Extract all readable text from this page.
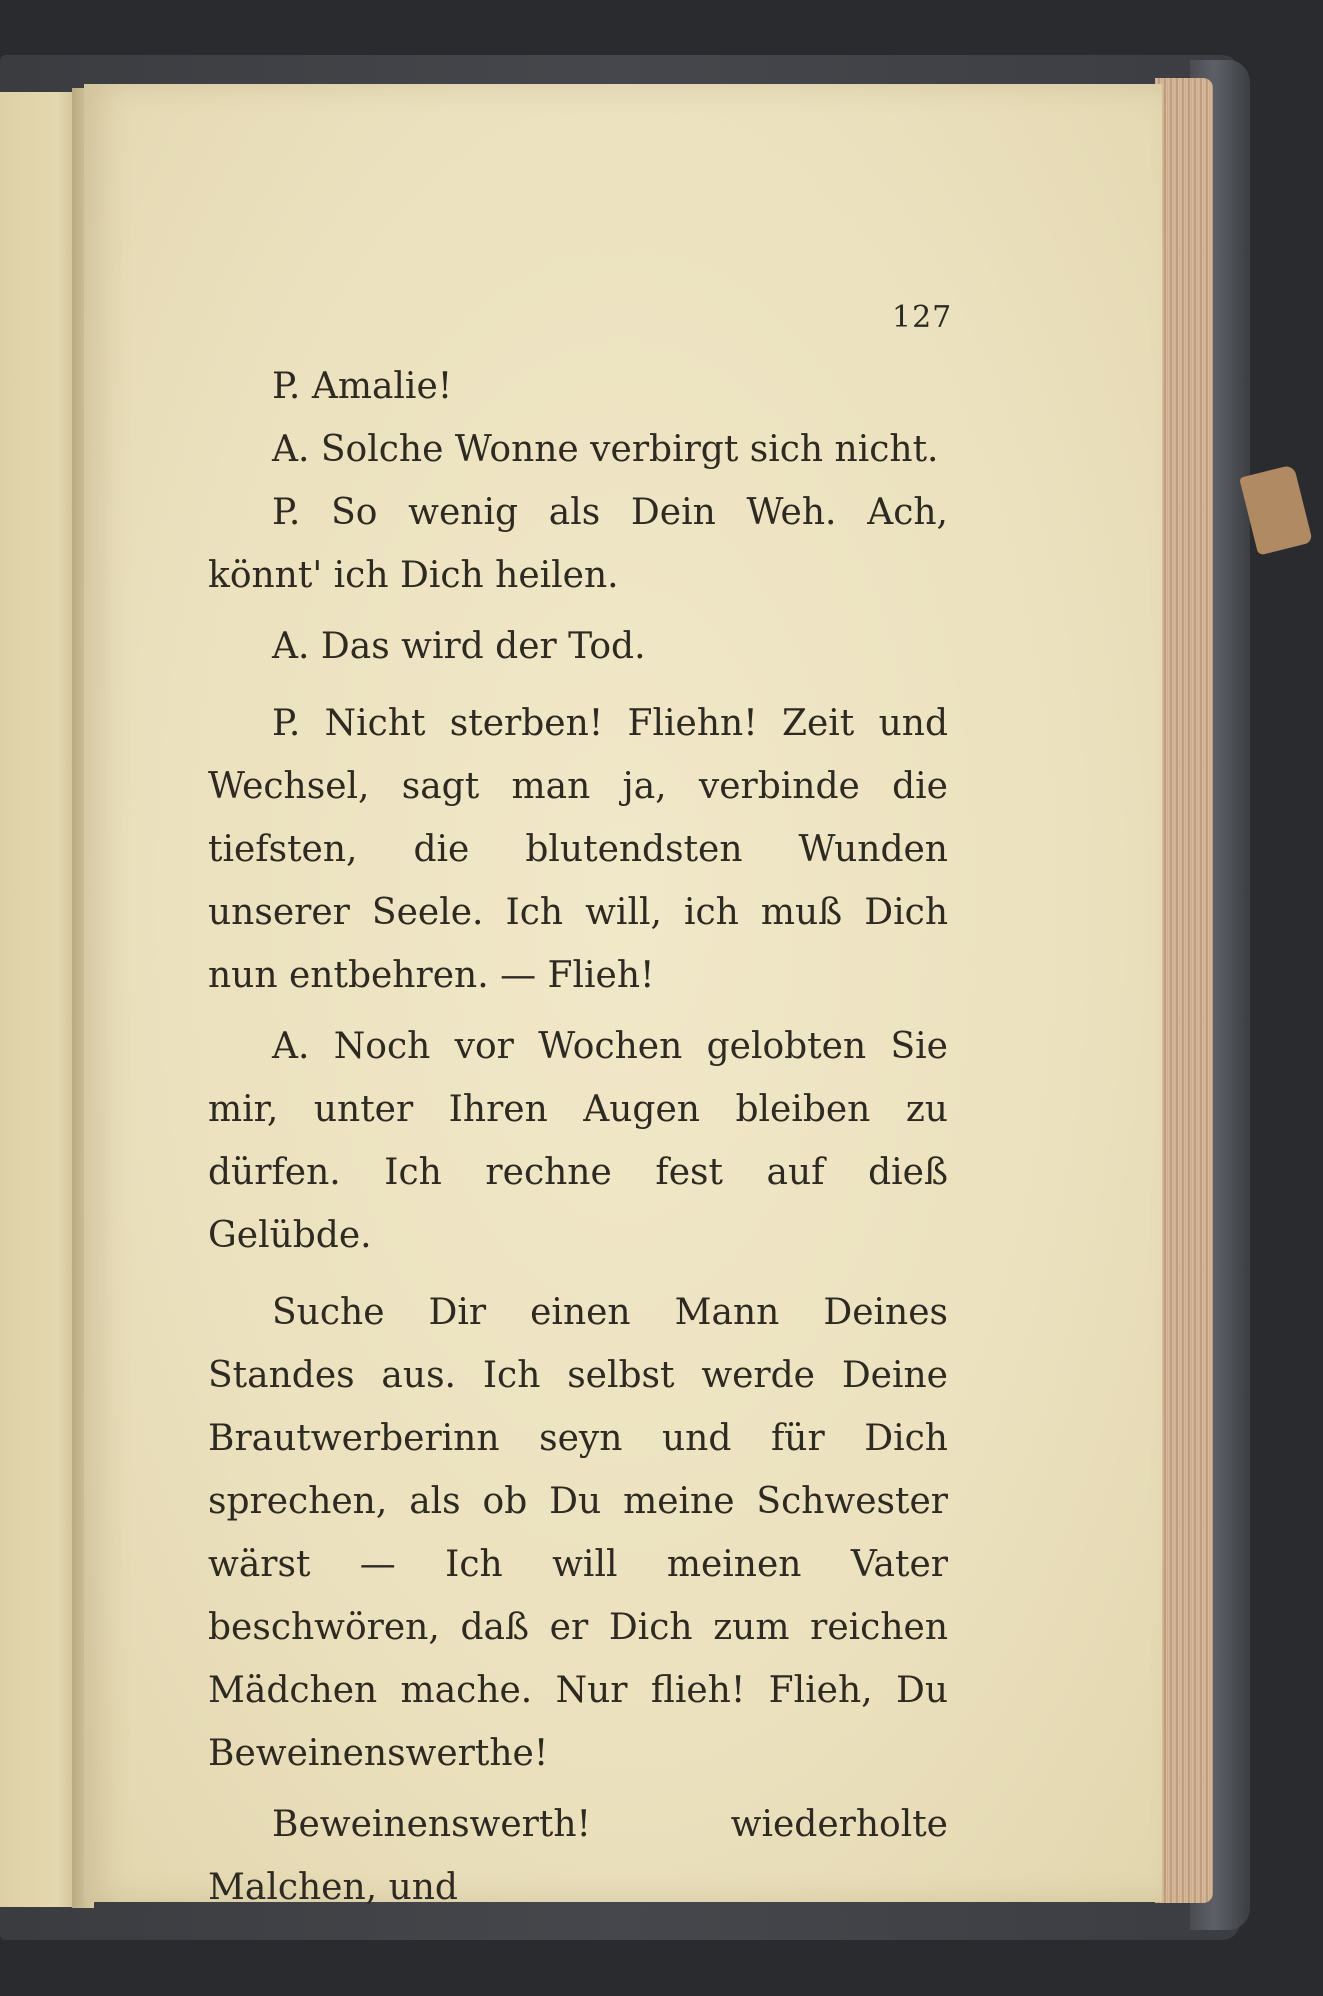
127

P. Amalie!

A. Solche Wonne verbirgt sich nicht.

P. So wenig als Dein Weh. Ach, könnt' ich Dich heilen.

A. Das wird der Tod.

P. Nicht sterben! Fliehn! Zeit und Wechsel, sagt man ja, verbinde die tiefsten, die blutendsten Wunden unserer Seele. Ich will, ich muß Dich nun entbehren. — Flieh!

A. Noch vor Wochen gelobten Sie mir, unter Ihren Augen bleiben zu dürfen. Ich rechne fest auf dieß Gelübde.

Suche Dir einen Mann Deines Standes aus. Ich selbst werde Deine Brautwerberinn seyn und für Dich sprechen, als ob Du meine Schwester wärst — Ich will meinen Vater beschwören, daß er Dich zum reichen Mädchen mache. Nur flieh! Flieh, Du Beweinenswerthe!

Beweinenswerth! wiederholte Malchen, und
